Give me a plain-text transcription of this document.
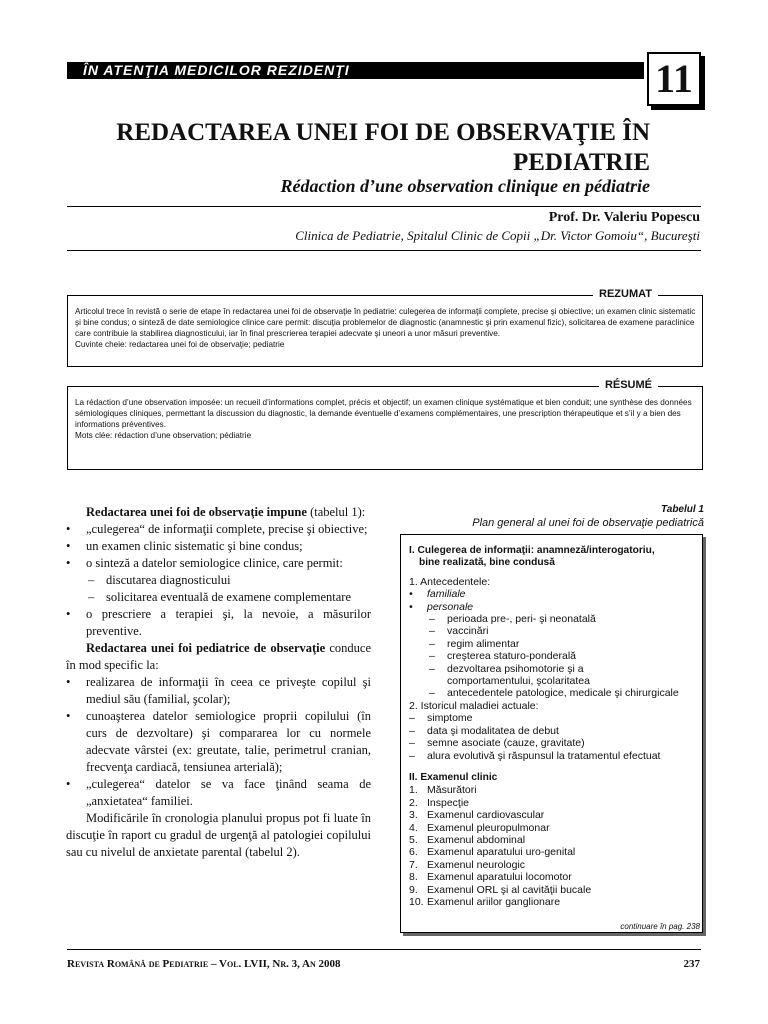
ÎN ATENŢIA MEDICILOR REZIDENŢI	11
REDACTAREA UNEI FOI DE OBSERVAŢIE ÎN
PEDIATRIE
Rédaction d’une observation clinique en pédiatrie
Prof. Dr. Valeriu Popescu
Clinica de Pediatrie, Spitalul Clinic de Copii „Dr. Victor Gomoiu“, Bucureşti
REZUMAT
Articolul trece în revistă o serie de etape în redactarea unei foi de observaţie în pediatrie: culegerea de informaţii complete, precise şi obiective; un examen clinic sistematic şi bine condus; o sinteză de date semiologice clinice care permit: discuţia problemelor de diagnostic (anamnestic şi prin examenul fizic), solicitarea de examene paraclinice care contribuie la stabilirea diagnosticului, iar în final prescrierea terapiei adecvate şi uneori a unor măsuri preventive.
Cuvinte cheie: redactarea unei foi de observaţie; pediatrie
RÉSUMÉ
La rédaction d’une observation imposée: un recueil d’informations complet, précis et objectif; un examen clinique systématique et bien conduit; une synthèse des données sémiologiques cliniques, permettant la discussion du diagnostic, la demande éventuelle d’examens complémentaires, une prescription thérapeutique et s’il y a bien des informations préventives.
Mots clée: rédaction d’une observation; pédiatrie

Redactarea unei foi de observaţie impune (tabelul 1):

• „culegerea“ de informaţii complete, precise şi obiective;
• un examen clinic sistematic şi bine condus;
• o sinteză a datelor semiologice clinice, care permit:
– discutarea diagnosticului
– solicitarea eventuală de examene complementare
• o prescriere a terapiei şi, la nevoie, a măsurilor preventive.

Redactarea unei foi pediatrice de observaţie conduce în mod specific la:

• realizarea de informaţii în ceea ce priveşte copilul şi mediul său (familial, şcolar);
• cunoaşterea datelor semiologice proprii copilului (în curs de dezvoltare) şi compararea lor cu normele adecvate vârstei (ex: greutate, talie, perimetrul cranian, frecvenţa cardiacă, tensiunea arterială);
• „culegerea“ datelor se va face ţinând seama de „anxietatea“ familiei.

Modificările în cronologia planului propus pot fi luate în discuţie în raport cu gradul de urgenţă al patologiei copilului sau cu nivelul de anxietate parental (tabelul 2).

Tabelul 1
Plan general al unei foi de observaţie pediatrică
I. Culegerea de informaţii: anamneză/interogatoriu,
bine realizată, bine condusă
1. Antecedentele:
• familiale
• personale
– perioada pre-, peri- şi neonatală
– vaccinări
– regim alimentar
– creşterea staturo-ponderală
– dezvoltarea psihomotorie şi a
comportamentului, şcolaritatea
– antecedentele patologice, medicale şi chirurgicale
2. Istoricul maladiei actuale:
– simptome
– data şi modalitatea de debut
– semne asociate (cauze, gravitate)
– alura evolutivă şi răspunsul la tratamentul efectuat
II. Examenul clinic
1. Măsurători
2. Inspecţie
3. Examenul cardiovascular
4. Examenul pleuropulmonar
5. Examenul abdominal
6. Examenul aparatului uro-genital
7. Examenul neurologic
8. Examenul aparatului locomotor
9. Examenul ORL şi al cavităţii bucale
10. Examenul ariilor ganglionare
continuare în pag. 238
Revista Română de Pediatrie – Vol. LVII, Nr. 3, An 2008	237
